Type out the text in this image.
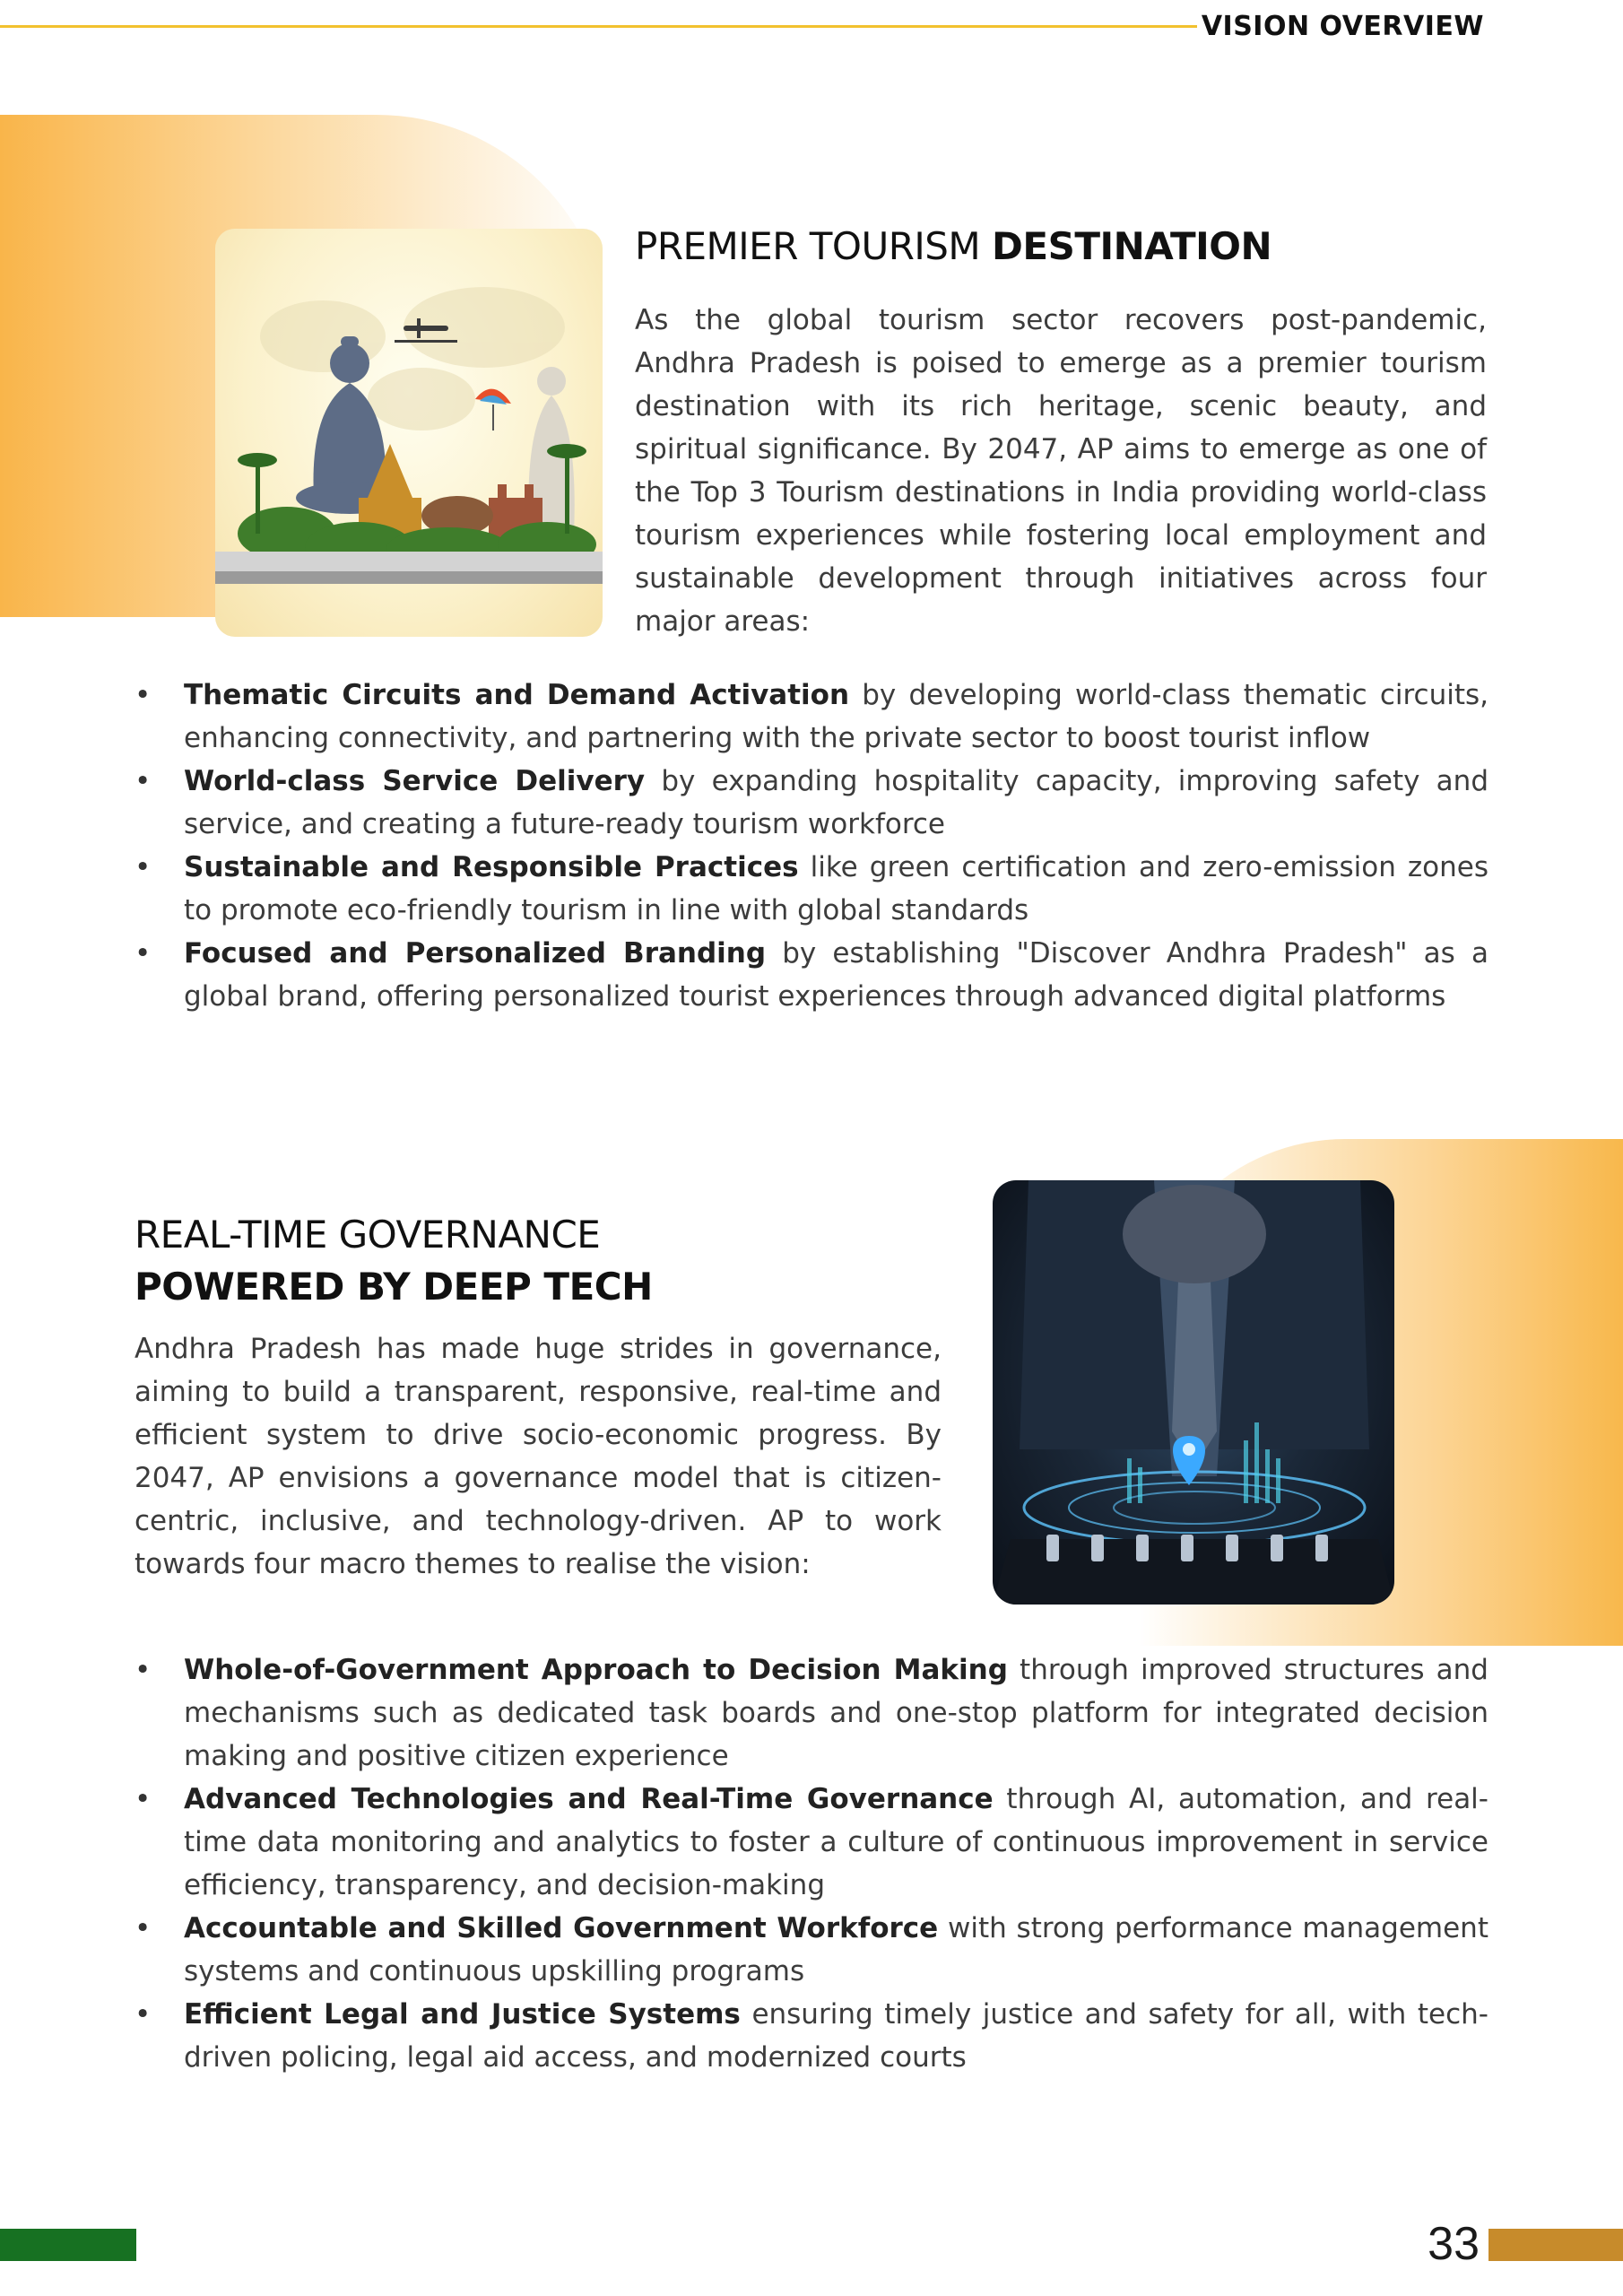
VISION OVERVIEW
PREMIER TOURISM DESTINATION

As the global tourism sector recovers post-pandemic, Andhra Pradesh is poised to emerge as a premier tourism destination with its rich heritage, scenic beauty, and spiritual significance. By 2047, AP aims to emerge as one of the Top 3 Tourism destinations in India providing world-class tourism experiences while fostering local employment and sustainable development through initiatives across four major areas:

• Thematic Circuits and Demand Activation by developing world-class thematic circuits, enhancing connectivity, and partnering with the private sector to boost tourist inflow
• World-class Service Delivery by expanding hospitality capacity, improving safety and service, and creating a future-ready tourism workforce
• Sustainable and Responsible Practices like green certification and zero-emission zones to promote eco-friendly tourism in line with global standards
• Focused and Personalized Branding by establishing "Discover Andhra Pradesh" as a global brand, offering personalized tourist experiences through advanced digital platforms
REAL-TIME GOVERNANCE
POWERED BY DEEP TECH

Andhra Pradesh has made huge strides in governance, aiming to build a transparent, responsive, real-time and efficient system to drive socio-economic progress. By 2047, AP envisions a governance model that is citizen-centric, inclusive, and technology-driven. AP to work towards four macro themes to realise the vision:

• Whole-of-Government Approach to Decision Making through improved structures and mechanisms such as dedicated task boards and one-stop platform for integrated decision making and positive citizen experience
• Advanced Technologies and Real-Time Governance through AI, automation, and real-time data monitoring and analytics to foster a culture of continuous improvement in service efficiency, transparency, and decision-making
• Accountable and Skilled Government Workforce with strong performance management systems and continuous upskilling programs
• Efficient Legal and Justice Systems ensuring timely justice and safety for all, with tech-driven policing, legal aid access, and modernized courts
33
